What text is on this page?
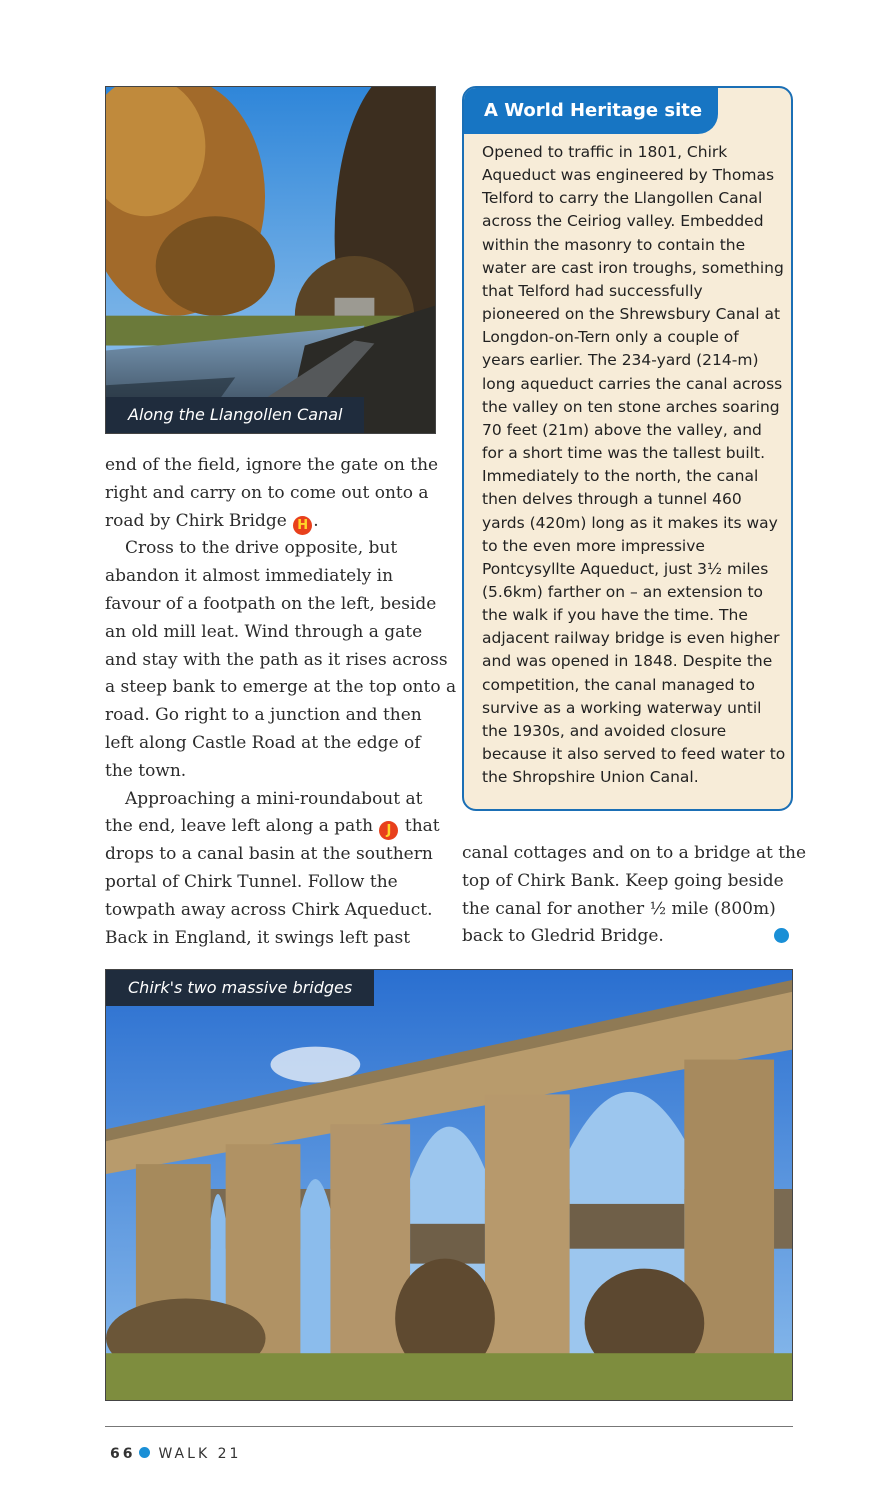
Along the Llangollen Canal
A World Heritage site
Opened to traffic in 1801, Chirk
Aqueduct was engineered by Thomas
Telford to carry the Llangollen Canal
across the Ceiriog valley. Embedded
within the masonry to contain the
water are cast iron troughs, something
that Telford had successfully
pioneered on the Shrewsbury Canal at
Longdon-on-Tern only a couple of
years earlier. The 234-yard (214-m)
long aqueduct carries the canal across
the valley on ten stone arches soaring
70 feet (21m) above the valley, and
for a short time was the tallest built.
Immediately to the north, the canal
then delves through a tunnel 460
yards (420m) long as it makes its way
to the even more impressive
Pontcysyllte Aqueduct, just 3½ miles
(5.6km) farther on – an extension to
the walk if you have the time. The
adjacent railway bridge is even higher
and was opened in 1848. Despite the
competition, the canal managed to
survive as a working waterway until
the 1930s, and avoided closure
because it also served to feed water to
the Shropshire Union Canal.

end of the field, ignore the gate on the

right and carry on to come out onto a

road by Chirk Bridge H .

Cross to the drive opposite, but

abandon it almost immediately in

favour of a footpath on the left, beside

an old mill leat. Wind through a gate

and stay with the path as it rises across

a steep bank to emerge at the top onto a

road. Go right to a junction and then

left along Castle Road at the edge of

the town.

Approaching a mini-roundabout at

the end, leave left along a path J that

drops to a canal basin at the southern

portal of Chirk Tunnel. Follow the

towpath away across Chirk Aqueduct.

Back in England, it swings left past

canal cottages and on to a bridge at the

top of Chirk Bank. Keep going beside

the canal for another ½ mile (800m)

back to Gledrid Bridge.

Chirk's two massive bridges
66 WALK 21
